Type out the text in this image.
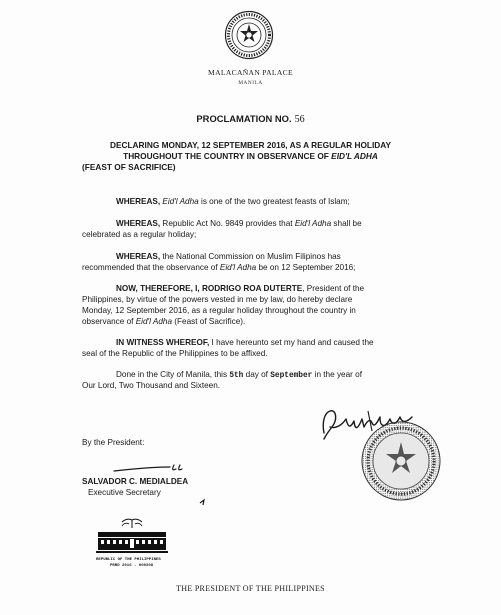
MALACAÑAN PALACE
MANILA
PROCLAMATION NO. 56
DECLARING MONDAY, 12 SEPTEMBER 2016, AS A REGULAR HOLIDAY
THROUGHOUT THE COUNTRY IN OBSERVANCE OF EID'L ADHA
(FEAST OF SACRIFICE)
WHEREAS, Eid'l Adha is one of the two greatest feasts of Islam;
WHEREAS, Republic Act No. 9849 provides that Eid'l Adha shall be
celebrated as a regular holiday;
WHEREAS, the National Commission on Muslim Filipinos has
recommended that the observance of Eid'l Adha be on 12 September 2016;
NOW, THEREFORE, I, RODRIGO ROA DUTERTE, President of the
Philippines, by virtue of the powers vested in me by law, do hereby declare
Monday, 12 September 2016, as a regular holiday throughout the country in
observance of Eid'l Adha (Feast of Sacrifice).
IN WITNESS WHEREOF, I have hereunto set my hand and caused the
seal of the Republic of the Philippines to be affixed.
Done in the City of Manila, this 5th day of September in the year of
Our Lord, Two Thousand and Sixteen.
By the President:
SALVADOR C. MEDIALDEA
Executive Secretary
REPUBLIC OF THE PHILIPPINES
PRRD 2016 - 000398
THE PRESIDENT OF THE PHILIPPINES
